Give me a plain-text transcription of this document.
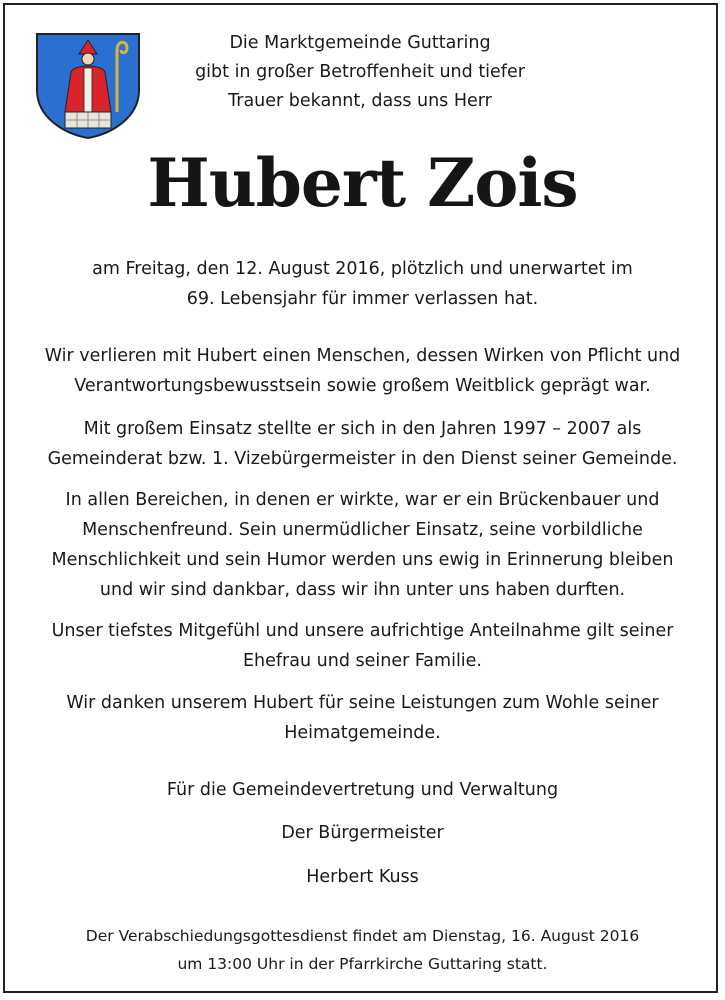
Die Marktgemeinde Guttaring
gibt in großer Betroffenheit und tiefer
Trauer bekannt, dass uns Herr
Hubert Zois
am Freitag, den 12. August 2016, plötzlich und unerwartet im
69. Lebensjahr für immer verlassen hat.
Wir verlieren mit Hubert einen Menschen, dessen Wirken von Pflicht und
Verantwortungsbewusstsein sowie großem Weitblick geprägt war.
Mit großem Einsatz stellte er sich in den Jahren 1997 – 2007 als
Gemeinderat bzw. 1. Vizebürgermeister in den Dienst seiner Gemeinde.
In allen Bereichen, in denen er wirkte, war er ein Brückenbauer und
Menschenfreund. Sein unermüdlicher Einsatz, seine vorbildliche
Menschlichkeit und sein Humor werden uns ewig in Erinnerung bleiben
und wir sind dankbar, dass wir ihn unter uns haben durften.
Unser tiefstes Mitgefühl und unsere aufrichtige Anteilnahme gilt seiner
Ehefrau und seiner Familie.
Wir danken unserem Hubert für seine Leistungen zum Wohle seiner
Heimatgemeinde.
Für die Gemeindevertretung und Verwaltung
Der Bürgermeister
Herbert Kuss
Der Verabschiedungsgottesdienst findet am Dienstag, 16. August 2016
um 13:00 Uhr in der Pfarrkirche Guttaring statt.
